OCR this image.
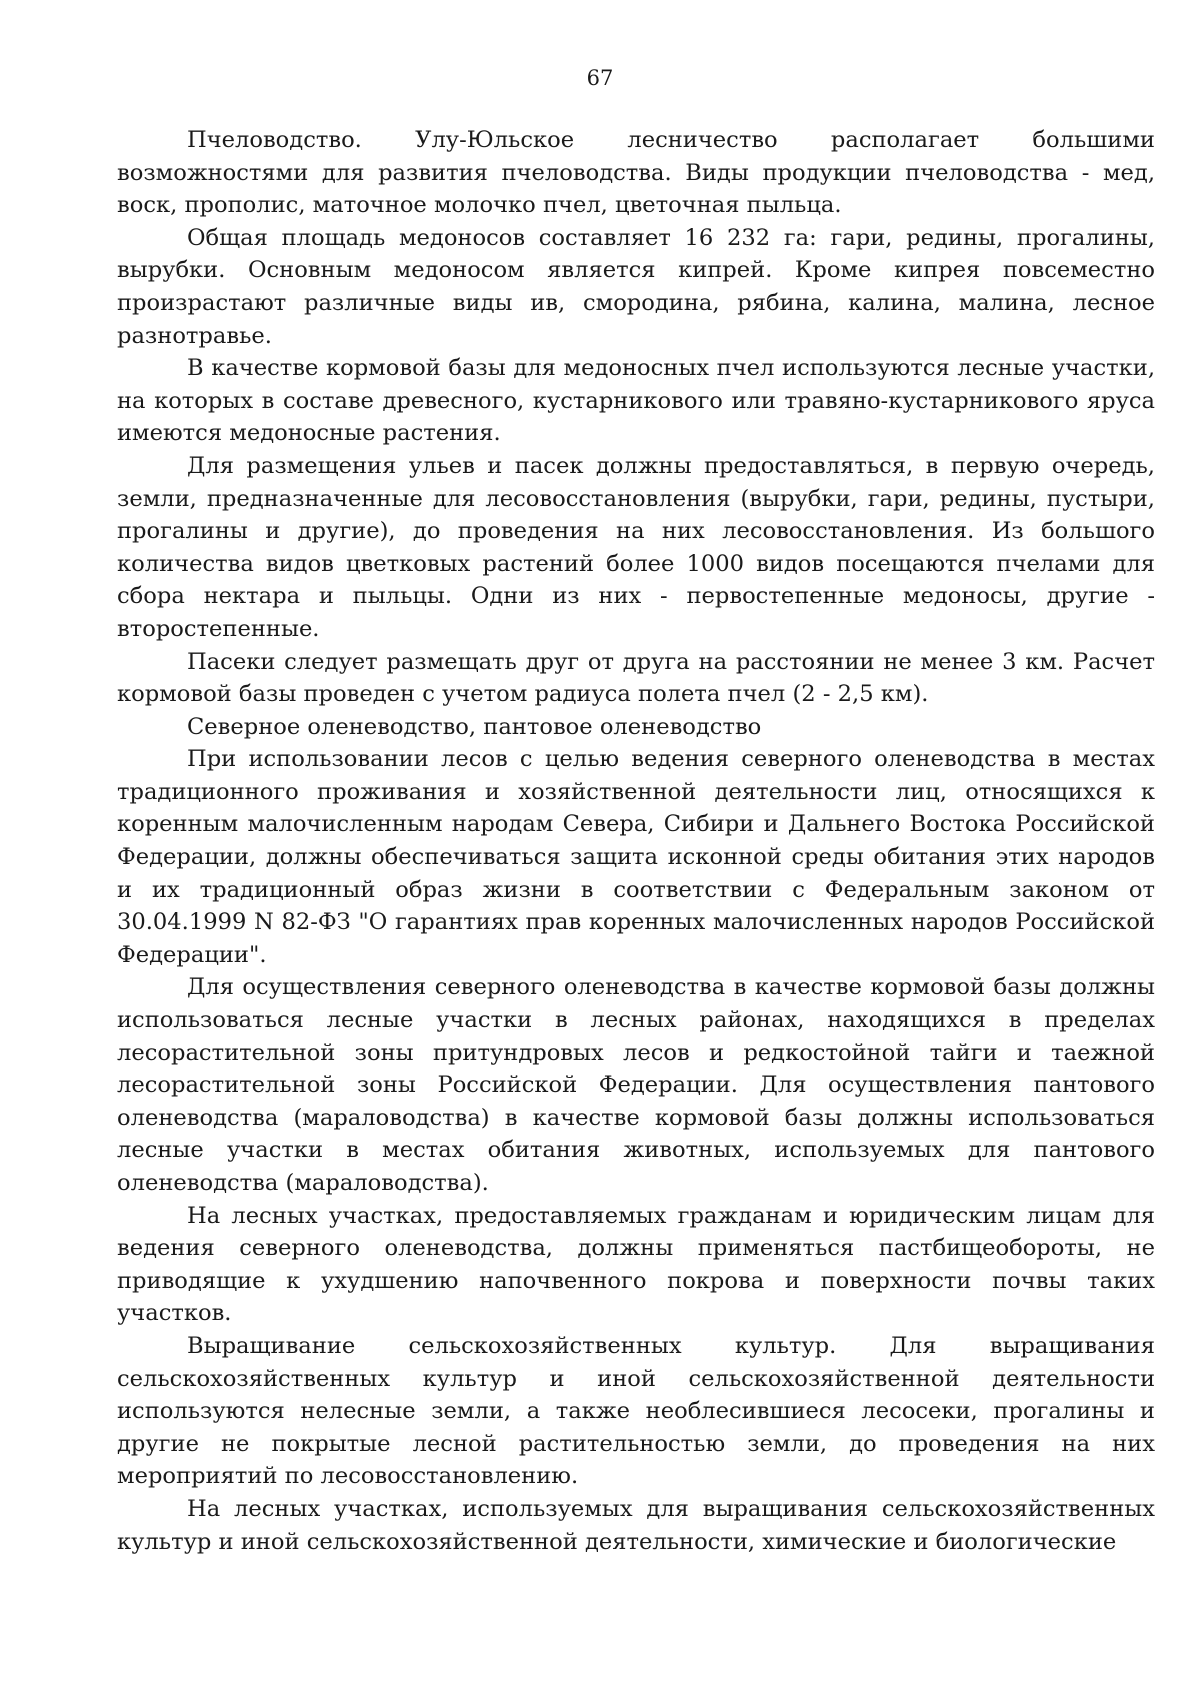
67

Пчеловодство. Улу-Юльское лесничество располагает большими возможностями для развития пчеловодства. Виды продукции пчеловодства - мед, воск, прополис, маточное молочко пчел, цветочная пыльца.

Общая площадь медоносов составляет 16 232 га: гари, редины, прогалины, вырубки. Основным медоносом является кипрей. Кроме кипрея повсеместно произрастают различные виды ив, смородина, рябина, калина, малина, лесное разнотравье.

В качестве кормовой базы для медоносных пчел используются лесные участки, на которых в составе древесного, кустарникового или травяно-кустарникового яруса имеются медоносные растения.

Для размещения ульев и пасек должны предоставляться, в первую очередь, земли, предназначенные для лесовосстановления (вырубки, гари, редины, пустыри, прогалины и другие), до проведения на них лесовосстановления. Из большого количества видов цветковых растений более 1000 видов посещаются пчелами для сбора нектара и пыльцы. Одни из них - первостепенные медоносы, другие - второстепенные.

Пасеки следует размещать друг от друга на расстоянии не менее 3 км. Расчет кормовой базы проведен с учетом радиуса полета пчел (2 - 2,5 км).

Северное оленеводство, пантовое оленеводство

При использовании лесов с целью ведения северного оленеводства в местах традиционного проживания и хозяйственной деятельности лиц, относящихся к коренным малочисленным народам Севера, Сибири и Дальнего Востока Российской Федерации, должны обеспечиваться защита исконной среды обитания этих народов и их традиционный образ жизни в соответствии с Федеральным законом от 30.04.1999 N 82-ФЗ "О гарантиях прав коренных малочисленных народов Российской Федерации".

Для осуществления северного оленеводства в качестве кормовой базы должны использоваться лесные участки в лесных районах, находящихся в пределах лесорастительной зоны притундровых лесов и редкостойной тайги и таежной лесорастительной зоны Российской Федерации. Для осуществления пантового оленеводства (мараловодства) в качестве кормовой базы должны использоваться лесные участки в местах обитания животных, используемых для пантового оленеводства (мараловодства).

На лесных участках, предоставляемых гражданам и юридическим лицам для ведения северного оленеводства, должны применяться пастбищеобороты, не приводящие к ухудшению напочвенного покрова и поверхности почвы таких участков.

Выращивание сельскохозяйственных культур. Для выращивания сельскохозяйственных культур и иной сельскохозяйственной деятельности используются нелесные земли, а также необлесившиеся лесосеки, прогалины и другие не покрытые лесной растительностью земли, до проведения на них мероприятий по лесовосстановлению.

На лесных участках, используемых для выращивания сельскохозяйственных культур и иной сельскохозяйственной деятельности, химические и биологические
